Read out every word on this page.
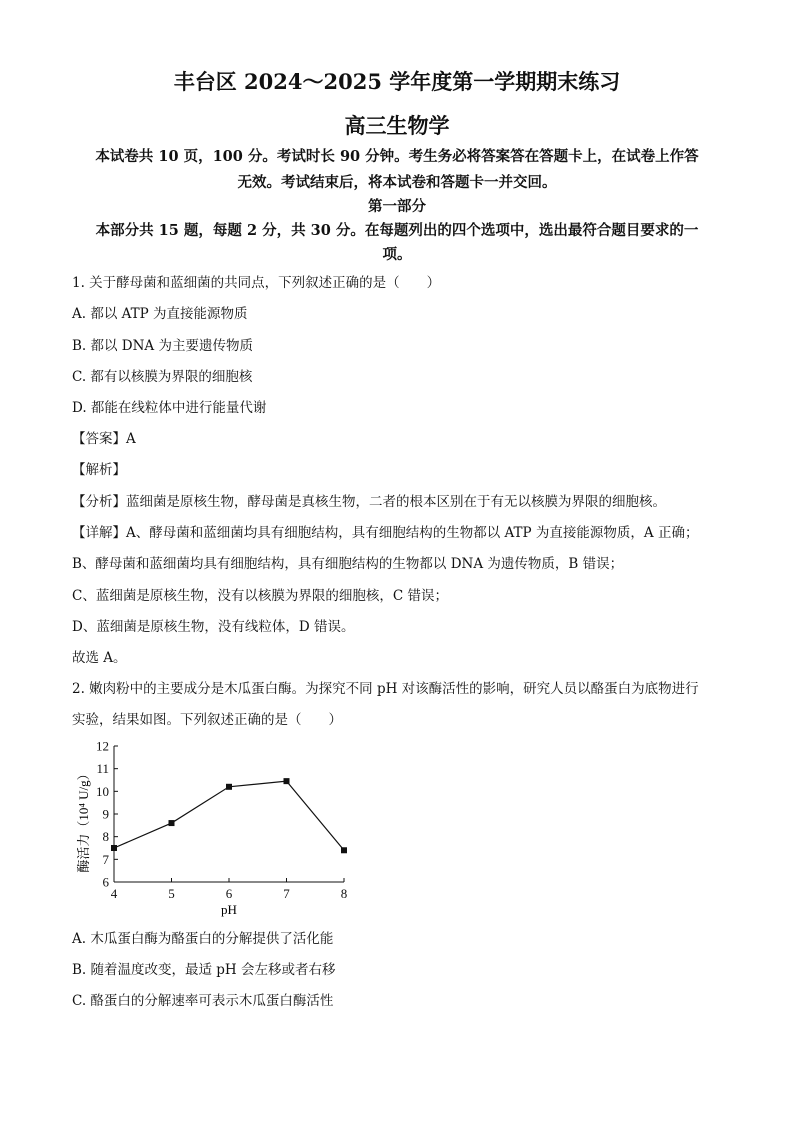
丰台区 2024～2025 学年度第一学期期末练习
高三生物学
本试卷共 10 页，100 分。考试时长 90 分钟。考生务必将答案答在答题卡上，在试卷上作答
无效。考试结束后，将本试卷和答题卡一并交回。
第一部分
本部分共 15 题，每题 2 分，共 30 分。在每题列出的四个选项中，选出最符合题目要求的一
项。
1. 关于酵母菌和蓝细菌的共同点，下列叙述正确的是（　　）
A. 都以 ATP 为直接能源物质
B. 都以 DNA 为主要遗传物质
C. 都有以核膜为界限的细胞核
D. 都能在线粒体中进行能量代谢
【答案】A
【解析】
【分析】蓝细菌是原核生物，酵母菌是真核生物，二者的根本区别在于有无以核膜为界限的细胞核。
【详解】A、酵母菌和蓝细菌均具有细胞结构，具有细胞结构的生物都以 ATP 为直接能源物质，A 正确；
B、酵母菌和蓝细菌均具有细胞结构，具有细胞结构的生物都以 DNA 为遗传物质，B 错误；
C、蓝细菌是原核生物，没有以核膜为界限的细胞核，C 错误；
D、蓝细菌是原核生物，没有线粒体，D 错误。
故选 A。
2. 嫩肉粉中的主要成分是木瓜蛋白酶。为探究不同 pH 对该酶活性的影响，研究人员以酪蛋白为底物进行
实验，结果如图。下列叙述正确的是（　　）
4	5	6	7	8
6
7
8
9
10
11
12
酶活力（10⁴ U/g）
pH
A. 木瓜蛋白酶为酪蛋白的分解提供了活化能
B. 随着温度改变，最适 pH 会左移或者右移
C. 酪蛋白的分解速率可表示木瓜蛋白酶活性
